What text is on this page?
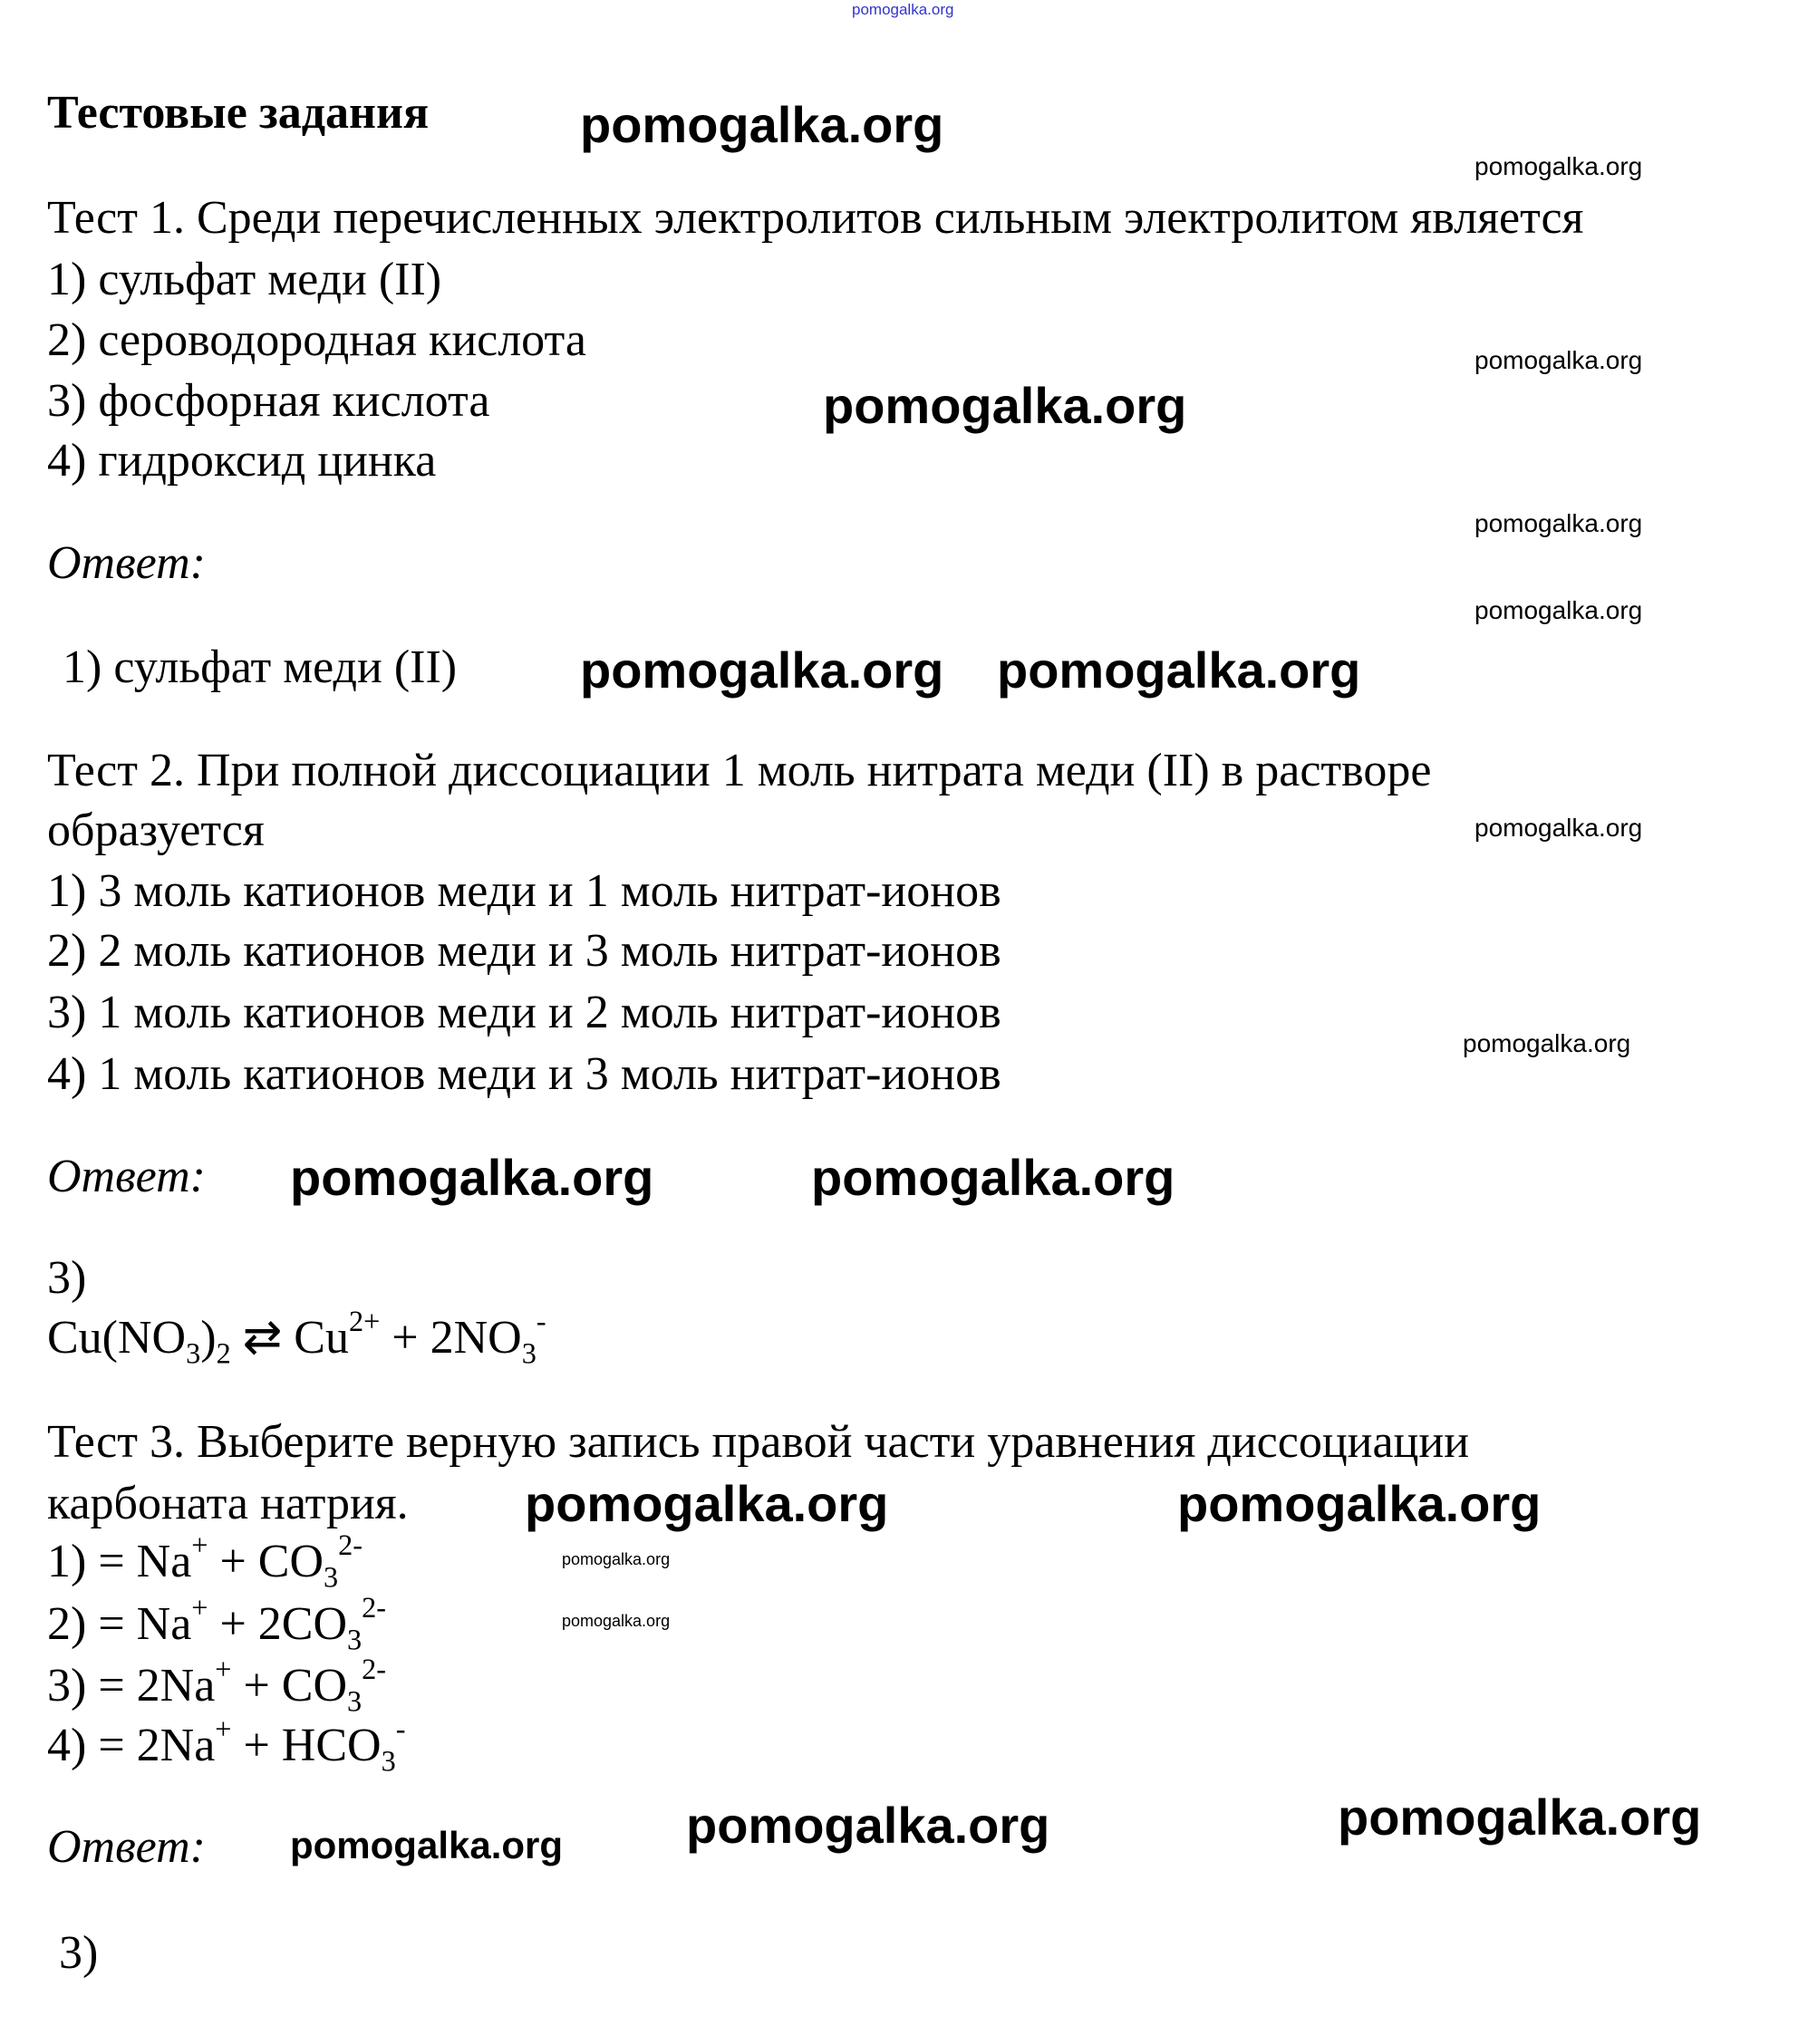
pomogalka.org
pomogalka.org
pomogalka.org
pomogalka.org
pomogalka.org
pomogalka.org
pomogalka.org
pomogalka.org pomogalka.org
pomogalka.org
pomogalka.org
pomogalka.org	pomogalka.org
pomogalka.org
pomogalka.org	pomogalka.org
pomogalka.org
pomogalka.org pomogalka.org	pomogalka.org
Тестовые задания
Тест 1. Среди перечисленных электролитов сильным электролитом является
1) сульфат меди (II)
2) сероводородная кислота
3) фосфорная кислота
4) гидроксид цинка
Ответ:
1) сульфат меди (II)
Тест 2. При полной диссоциации 1 моль нитрата меди (II) в растворе
образуется
1) 3 моль катионов меди и 1 моль нитрат-ионов
2) 2 моль катионов меди и 3 моль нитрат-ионов
3) 1 моль катионов меди и 2 моль нитрат-ионов
4) 1 моль катионов меди и 3 моль нитрат-ионов
Ответ:
3)
$Cu(NO_3)_2$ ⇄ $Cu^{2+} + 2NO_3^-$
Тест 3. Выберите верную запись правой части уравнения диссоциации
карбоната натрия.
$1) = Na^+ + CO_3^{2-}$
$2) = Na^+ + 2CO_3^{2-}$
$3) = 2Na^+ + CO_3^{2-}$
$4) = 2Na^+ + HCO_3^-$
Ответ:
3)
